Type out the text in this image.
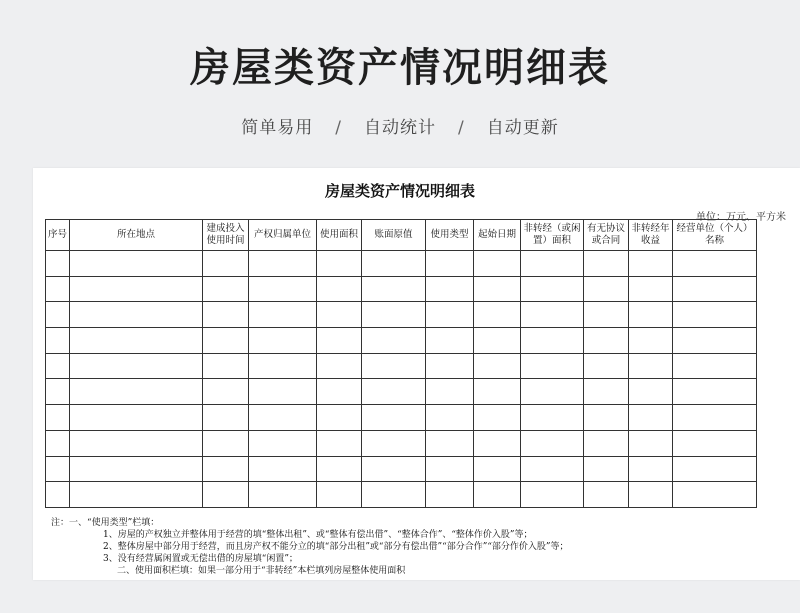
房屋类资产情况明细表
简单易用 / 自动统计 / 自动更新
房屋类资产情况明细表
单位：万元、平方米
序号	所在地点	建成投入使用时间	产权归属单位	使用面积	账面原值	使用类型	起始日期	非转经（或闲置）面积	有无协议或合同	非转经年收益	经营单位（个人）名称

注：一、“使用类型”栏填：
1、房屋的产权独立并整体用于经营的填“整体出租”、或“整体有偿出借”、“整体合作”、“整体作价入股”等；
2、整体房屋中部分用于经营，而且房产权不能分立的填“部分出租”或“部分有偿出借”“部分合作”“部分作价入股”等；
3、没有经营属闲置或无偿出借的房屋填“闲置”；
二、使用面积栏填：如果一部分用于“非转经”本栏填列房屋整体使用面积
